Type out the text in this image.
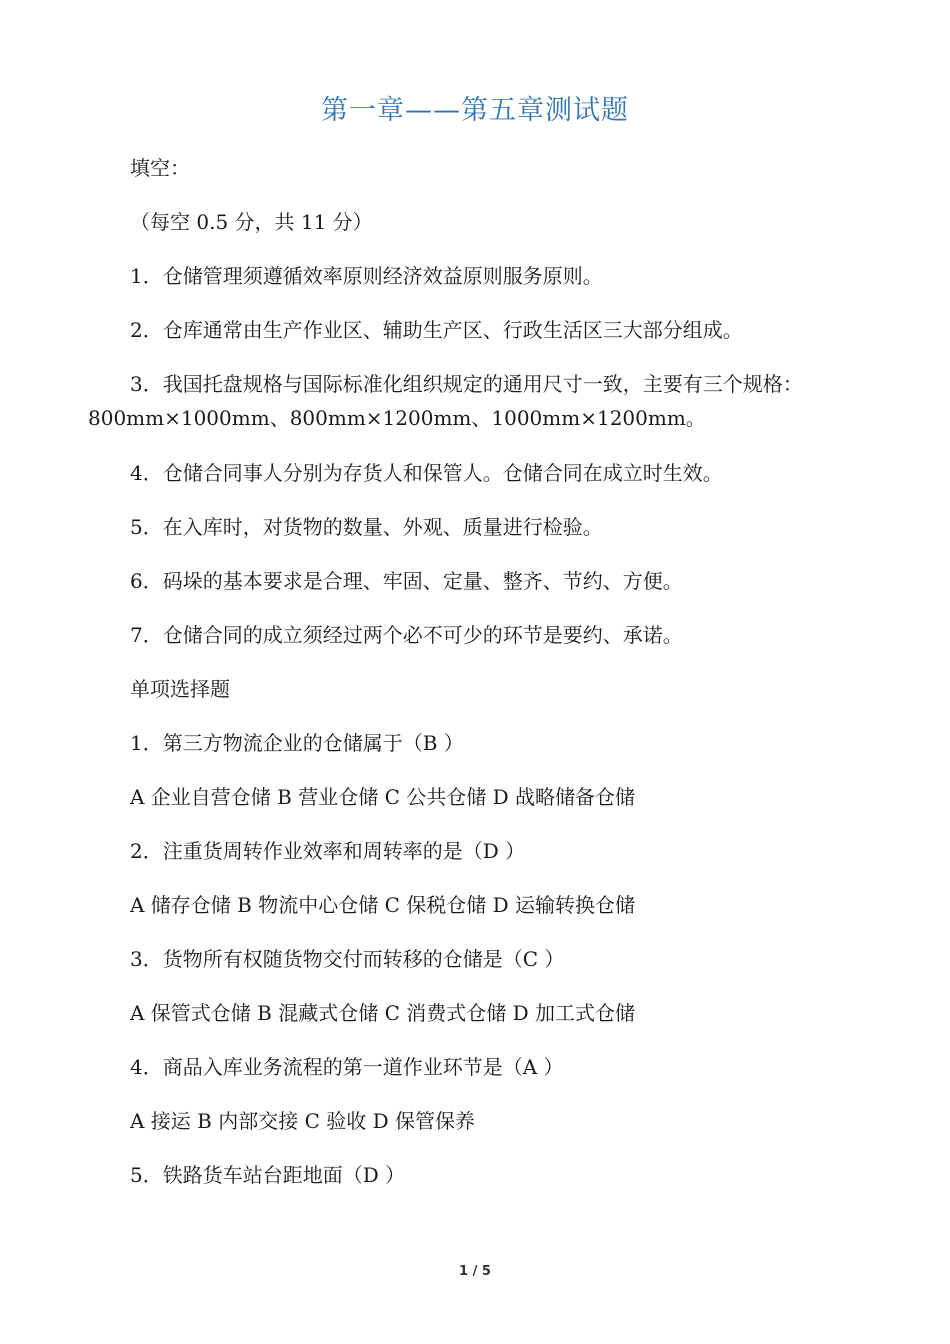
第一章——第五章测试题
填空：
（每空 0.5 分，共 11 分）
1．仓储管理须遵循效率原则经济效益原则服务原则。
2．仓库通常由生产作业区、辅助生产区、行政生活区三大部分组成。
3．我国托盘规格与国际标准化组织规定的通用尺寸一致，主要有三个规格：800mm×1000mm、800mm×1200mm、1000mm×1200mm。
4．仓储合同事人分别为存货人和保管人。仓储合同在成立时生效。
5．在入库时，对货物的数量、外观、质量进行检验。
6．码垛的基本要求是合理、牢固、定量、整齐、节约、方便。
7．仓储合同的成立须经过两个必不可少的环节是要约、承诺。
单项选择题
1．第三方物流企业的仓储属于（B ）
A 企业自营仓储 B 营业仓储 C 公共仓储 D 战略储备仓储
2．注重货周转作业效率和周转率的是（D ）
A 储存仓储 B 物流中心仓储 C 保税仓储 D 运输转换仓储
3．货物所有权随货物交付而转移的仓储是（C ）
A 保管式仓储 B 混藏式仓储 C 消费式仓储 D 加工式仓储
4．商品入库业务流程的第一道作业环节是（A ）
A 接运 B 内部交接 C 验收 D 保管保养
5．铁路货车站台距地面（D ）
1 / 5
